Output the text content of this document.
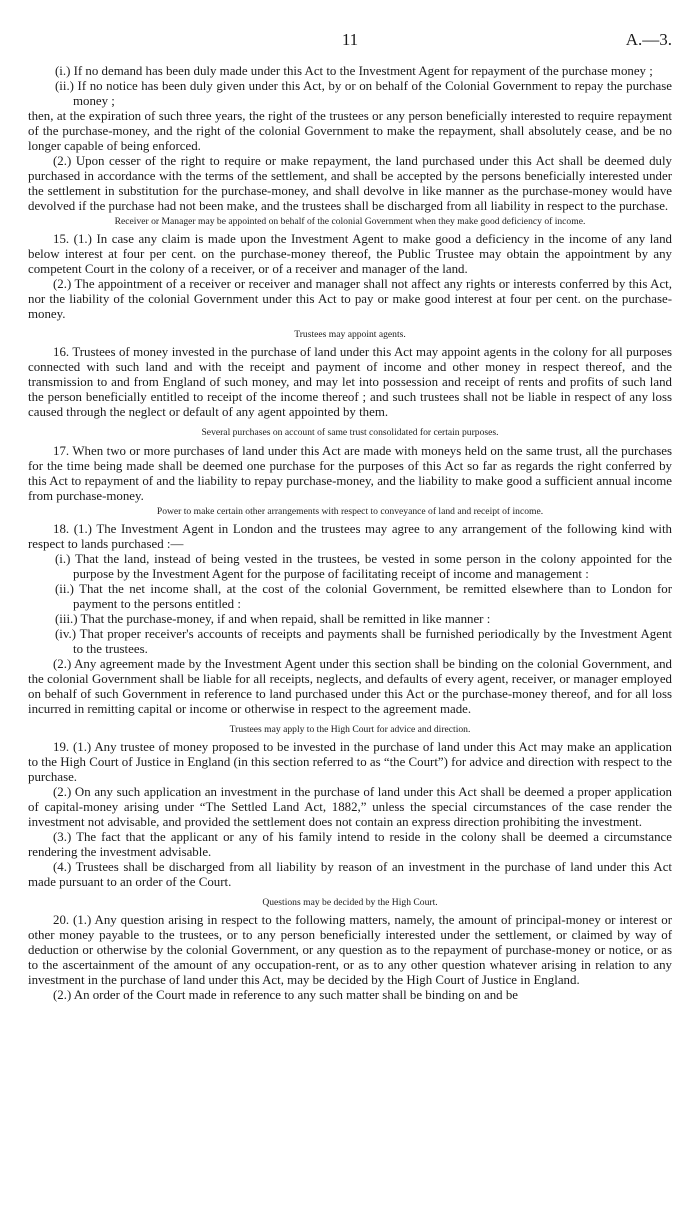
11	A.—3.

(i.) If no demand has been duly made under this Act to the Investment Agent for repayment of the purchase money ;

(ii.) If no notice has been duly given under this Act, by or on behalf of the Colonial Government to repay the purchase money ;

then, at the expiration of such three years, the right of the trustees or any person beneficially interested to require repayment of the purchase-money, and the right of the colonial Government to make the repayment, shall absolutely cease, and be no longer capable of being enforced.

(2.) Upon cesser of the right to require or make repayment, the land purchased under this Act shall be deemed duly purchased in accordance with the terms of the settlement, and shall be accepted by the persons beneficially interested under the settlement in substitution for the purchase-money, and shall devolve in like manner as the purchase-money would have devolved if the purchase had not been make, and the trustees shall be discharged from all liability in respect to the purchase.

Receiver or Manager may be appointed on behalf of the colonial Government when they make good deficiency of income.

15. (1.) In case any claim is made upon the Investment Agent to make good a deficiency in the income of any land below interest at four per cent. on the purchase-money thereof, the Public Trustee may obtain the appointment by any competent Court in the colony of a receiver, or of a receiver and manager of the land.

(2.) The appointment of a receiver or receiver and manager shall not affect any rights or interests conferred by this Act, nor the liability of the colonial Government under this Act to pay or make good interest at four per cent. on the purchase-money.

Trustees may appoint agents.

16. Trustees of money invested in the purchase of land under this Act may appoint agents in the colony for all purposes connected with such land and with the receipt and payment of income and other money in respect thereof, and the transmission to and from England of such money, and may let into possession and receipt of rents and profits of such land the person beneficially entitled to receipt of the income thereof ; and such trustees shall not be liable in respect of any loss caused through the neglect or default of any agent appointed by them.

Several purchases on account of same trust consolidated for certain purposes.

17. When two or more purchases of land under this Act are made with moneys held on the same trust, all the purchases for the time being made shall be deemed one purchase for the purposes of this Act so far as regards the right conferred by this Act to repayment of and the liability to repay purchase-money, and the liability to make good a sufficient annual income from purchase-money.

Power to make certain other arrangements with respect to conveyance of land and receipt of income.

18. (1.) The Investment Agent in London and the trustees may agree to any arrangement of the following kind with respect to lands purchased :—

(i.) That the land, instead of being vested in the trustees, be vested in some person in the colony appointed for the purpose by the Investment Agent for the purpose of facilitating receipt of income and management :

(ii.) That the net income shall, at the cost of the colonial Government, be remitted elsewhere than to London for payment to the persons entitled :

(iii.) That the purchase-money, if and when repaid, shall be remitted in like manner :

(iv.) That proper receiver's accounts of receipts and payments shall be furnished periodically by the Investment Agent to the trustees.

(2.) Any agreement made by the Investment Agent under this section shall be binding on the colonial Government, and the colonial Government shall be liable for all receipts, neglects, and defaults of every agent, receiver, or manager employed on behalf of such Government in reference to land purchased under this Act or the purchase-money thereof, and for all loss incurred in remitting capital or income or otherwise in respect to the agreement made.

Trustees may apply to the High Court for advice and direction.

19. (1.) Any trustee of money proposed to be invested in the purchase of land under this Act may make an application to the High Court of Justice in England (in this section referred to as “the Court”) for advice and direction with respect to the purchase.

(2.) On any such application an investment in the purchase of land under this Act shall be deemed a proper application of capital-money arising under “The Settled Land Act, 1882,” unless the special circumstances of the case render the investment not advisable, and provided the settlement does not contain an express direction prohibiting the investment.

(3.) The fact that the applicant or any of his family intend to reside in the colony shall be deemed a circumstance rendering the investment advisable.

(4.) Trustees shall be discharged from all liability by reason of an investment in the purchase of land under this Act made pursuant to an order of the Court.

Questions may be decided by the High Court.

20. (1.) Any question arising in respect to the following matters, namely, the amount of principal-money or interest or other money payable to the trustees, or to any person beneficially interested under the settlement, or claimed by way of deduction or otherwise by the colonial Government, or any question as to the repayment of purchase-money or notice, or as to the ascertainment of the amount of any occupation-rent, or as to any other question whatever arising in relation to any investment in the purchase of land under this Act, may be decided by the High Court of Justice in England.

(2.) An order of the Court made in reference to any such matter shall be binding on and be
